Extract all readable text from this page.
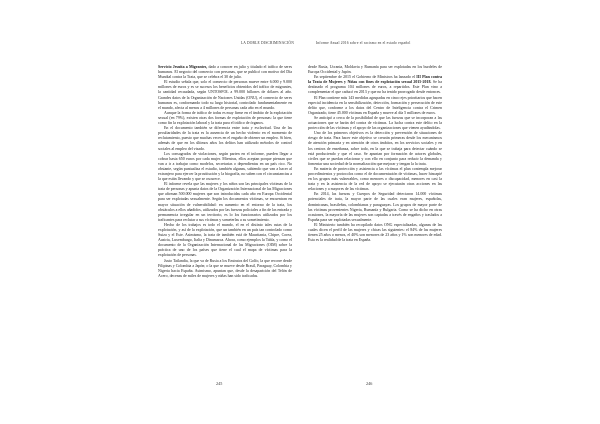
LA DOBLE DISCRIMINACIÓN

Servicio Jesuita a Migrantes, dado a conocer en julio y titulado el tráfico de seres humanos. El negocio del comercio con personas, que se publicó con motivo del Día Mundial contra la Trata, que se celebra el 30 de julio.

El estudio señala que, solo el comercio de personas mueve entre 6.000 y 9.000 millones de euros y es se sucesos los beneficios obtenidos del tráfico de migrantes, la cantidad recaudada, según UNTOSFOL a 99.000 billones de dólares al año. Grandes datos de la Organización de Naciones Unidas (ONU), el comercio de seres humanos es, conformando todo su largo historial, controlado fundamentalmente en el mundo, afecta al menos a 4 millones de personas cada año en el mundo.

Aunque la forma de tráfico de todas es muy firme en el ámbito de la explotación sexual (en 79%), existen otras dos formas de explotación de personas: la que tiene como fin la explotación laboral y la trata para el tráfico de órganos.

En el documento también se diferencia entre trata y esclavitud. Una de las peculiaridades de la trata es la ausencia de un hecho violento en el momento de reclutamiento, puesto que muchas veces en el engaño de obtener un empleo. Si bien, además de que en los últimos años los delitos han utilizado métodos de control sociales al empleo del visado.

Los consagrados de violaciones, según parten en el informe, pueden llegar a cobrar hasta 650 euros por cada mujer. Mientras, ellos aceptan porque piensan que van a ir a trabajar como modelos, secretarias o dependientas en un país rico. No obstante, según puntualiza el estudio, también algunas, sabiendo que van a hacer al extranjero para ejercer la prostitución y la biografía, no saben con el circunstancias a la que están llevando y que se oscurece.

El informe revela que las mujeres y los niños son las principales víctimas de la trata de personas y apunta datos de la Organización Internacional de las Migraciones que afirman 500.000 mujeres que son introducidas cada año en Europa Occidental para ser explotadas sexualmente. Según los documentos víctimas, se encuentran en mayor situación de vulnerabilidad: en aumento en el entorno de la trata, los obstáculos a ellos añadidos, utilizados por las fuerzas policiales a fin de las entrada y permanencia irregular en un territorio, es lo los funcionarios utilizados por los traficantes para reclutar a sus víctimas y someterlas a su sometimiento.

Hecho de los trabajos es todo el mundo, el en el distinto tales rutas de la explotación, y así de la explotación, que un también en un país tan controlado como Suiza y el Este. Asimismo, la trata de también está de Mauritania, Chipre, Corea, Austria, Luxemburgo, Italia y Dinamarca. Ahora, como ejemplos la Tabla, y como el documento de la Organización Internacional de las Migraciones (OIM) sobre la práctica de uno de los países que tiene el cual el mapa de víctimas para la explotación de personas.

Justo Tailandia, la que va de Rusia a los Emiratos del Golfo, la que recorre desde Filipinas y Colombia a Japón; o la que se mueve desde Brasil, Paraguay, Colombia y Nigeria hacia España. Asimismo, apuntan que, desde la desaparición del Telón de Acero, decenas de miles de mujeres y niñas han sido traficadas.

245
Informe Anual 2016 sobre el racismo en el estado español

desde Rusia, Ucrania, Moldavia y Rumanía para ser explotadas en los burdeles de Europa Occidental y Japón.

En septiembre de 2015 el Gobierno de Ministros ha lanzado el III Plan contra la Trata de Mujeres y Niñas con fines de explotación sexual 2015-2018. Se ha destinado el programa 104 millones de euros, a repartidos. Este Plan vino a complementar el que caducó en 2013 y que no ha tenido prorrogado desde entonces.

El Plan contiene más 143 medidas agrupadas en cinco ejes prioritarios que hacen especial incidencia en la sensibilización, detección, formación y persecución de este delito que, conforme a los datos del Centro de Inteligencia contra el Crimen Organizado, tiene 45.000 víctimas en España y mueve al día 5 millones de euros.

Se anticipó a cerca de la posibilidad de que las fuerzas que se incorporan a las actuaciones que se harán del contra de víctimas. La lucha contra este delito en la protección de las víctimas y el apoyo de las organizaciones que vienen ayudándolas.

Uno de los primeros objetivos es la detección y prevención de situaciones de riesgo de trata. Para hacer este objetivo se crearán primeras desde los mecanismos de atención primaria y en atención de otros ámbitos, en los servicios sociales y en los centros de enseñanza, sobre todo, en la que se trabaja para detectar cuándo se está produciendo y que el caso. Se apuntan por formación de actores globales, civiles que se puedan relacionar y con ello en conjunto para reducir la demanda y fomentar una sociedad de la normalización que mejorar y tengan la la trata.

En materia de protección y asistencia a las víctimas el plan contempla mejorar procedimientos y protocolos como el de documentación de víctimas, hacer hincapié en los grupos más vulnerables, como menores o discapacidad, menores en casi la trata y en la asistencia de la red de apoyo se ejecutarán otras acciones en las relaciones y a mayores de las víctimas.

En 2014, las fuerzas y Cuerpos de Seguridad detectaron 14.000 víctimas potenciales de trata, la mayor parte de las cuales eran mujeres, españolas, dominicanas, brasileñas, colombianas y paraguayas. Los grupos de mayor parte de las víctimas provenientes Nigeria, Rumanía y Bulgaria. Como se ha dicho en otras ocasiones, la mayoría de las mujeres son captadas a través de engaños y traslados a España para ser explotadas sexualmente.

El Ministerio también ha recopilado datos ONG especializadas, algunas de las cuales dicen el perfil de las mujeres y chicas las siguientes: el 84% de las mujeres tienen 25 años o menos, el 40% son menores de 23 años y 1% son menores de edad. Esta es la realidad de la trata en España.

246
